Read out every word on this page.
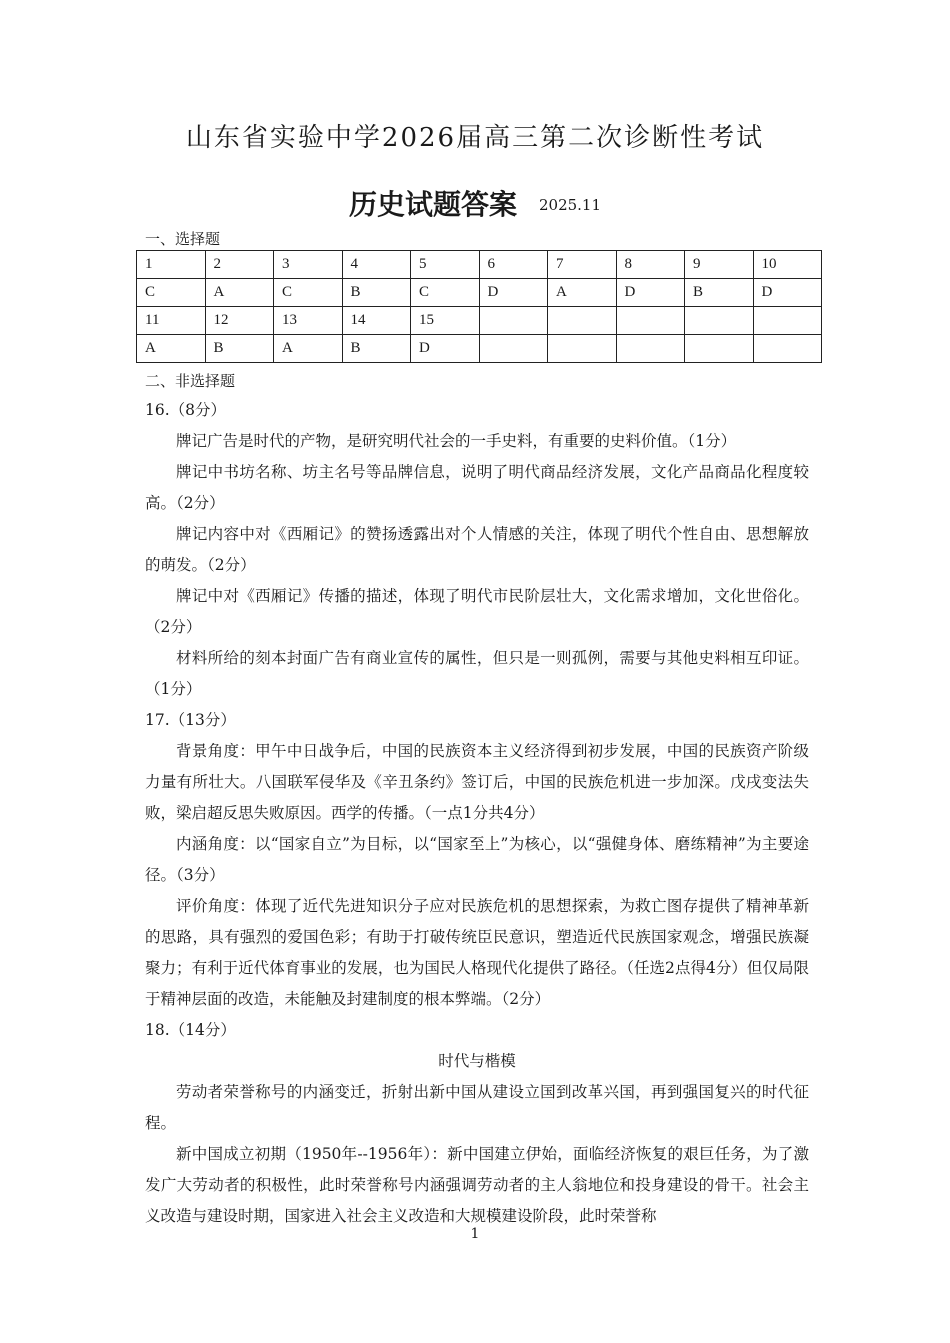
山东省实验中学2026届高三第二次诊断性考试
历史试题答案 2025.11
一、选择题
1	2	3	4	5	6	7	8	9	10
C	A	C	B	C	D	A	D	B	D
11	12	13	14	15					
A	B	A	B	D					
二、非选择题

16.（8分）

牌记广告是时代的产物，是研究明代社会的一手史料，有重要的史料价值。（1分）

牌记中书坊名称、坊主名号等品牌信息，说明了明代商品经济发展，文化产品商品化程度较高。（2分）

牌记内容中对《西厢记》的赞扬透露出对个人情感的关注，体现了明代个性自由、思想解放的萌发。（2分）

牌记中对《西厢记》传播的描述，体现了明代市民阶层壮大，文化需求增加，文化世俗化。（2分）

材料所给的刻本封面广告有商业宣传的属性，但只是一则孤例，需要与其他史料相互印证。（1分）

17.（13分）

背景角度：甲午中日战争后，中国的民族资本主义经济得到初步发展，中国的民族资产阶级力量有所壮大。八国联军侵华及《辛丑条约》签订后，中国的民族危机进一步加深。戊戌变法失败，梁启超反思失败原因。西学的传播。（一点1分共4分）

内涵角度：以“国家自立”为目标，以“国家至上”为核心，以“强健身体、磨练精神”为主要途径。（3分）

评价角度：体现了近代先进知识分子应对民族危机的思想探索，为救亡图存提供了精神革新的思路，具有强烈的爱国色彩；有助于打破传统臣民意识，塑造近代民族国家观念，增强民族凝聚力；有利于近代体育事业的发展，也为国民人格现代化提供了路径。（任选2点得4分）但仅局限于精神层面的改造，未能触及封建制度的根本弊端。（2分）

18.（14分）

时代与楷模

劳动者荣誉称号的内涵变迁，折射出新中国从建设立国到改革兴国，再到强国复兴的时代征程。

新中国成立初期（1950年--1956年）：新中国建立伊始，面临经济恢复的艰巨任务，为了激发广大劳动者的积极性，此时荣誉称号内涵强调劳动者的主人翁地位和投身建设的骨干。社会主义改造与建设时期，国家进入社会主义改造和大规模建设阶段，此时荣誉称

1
